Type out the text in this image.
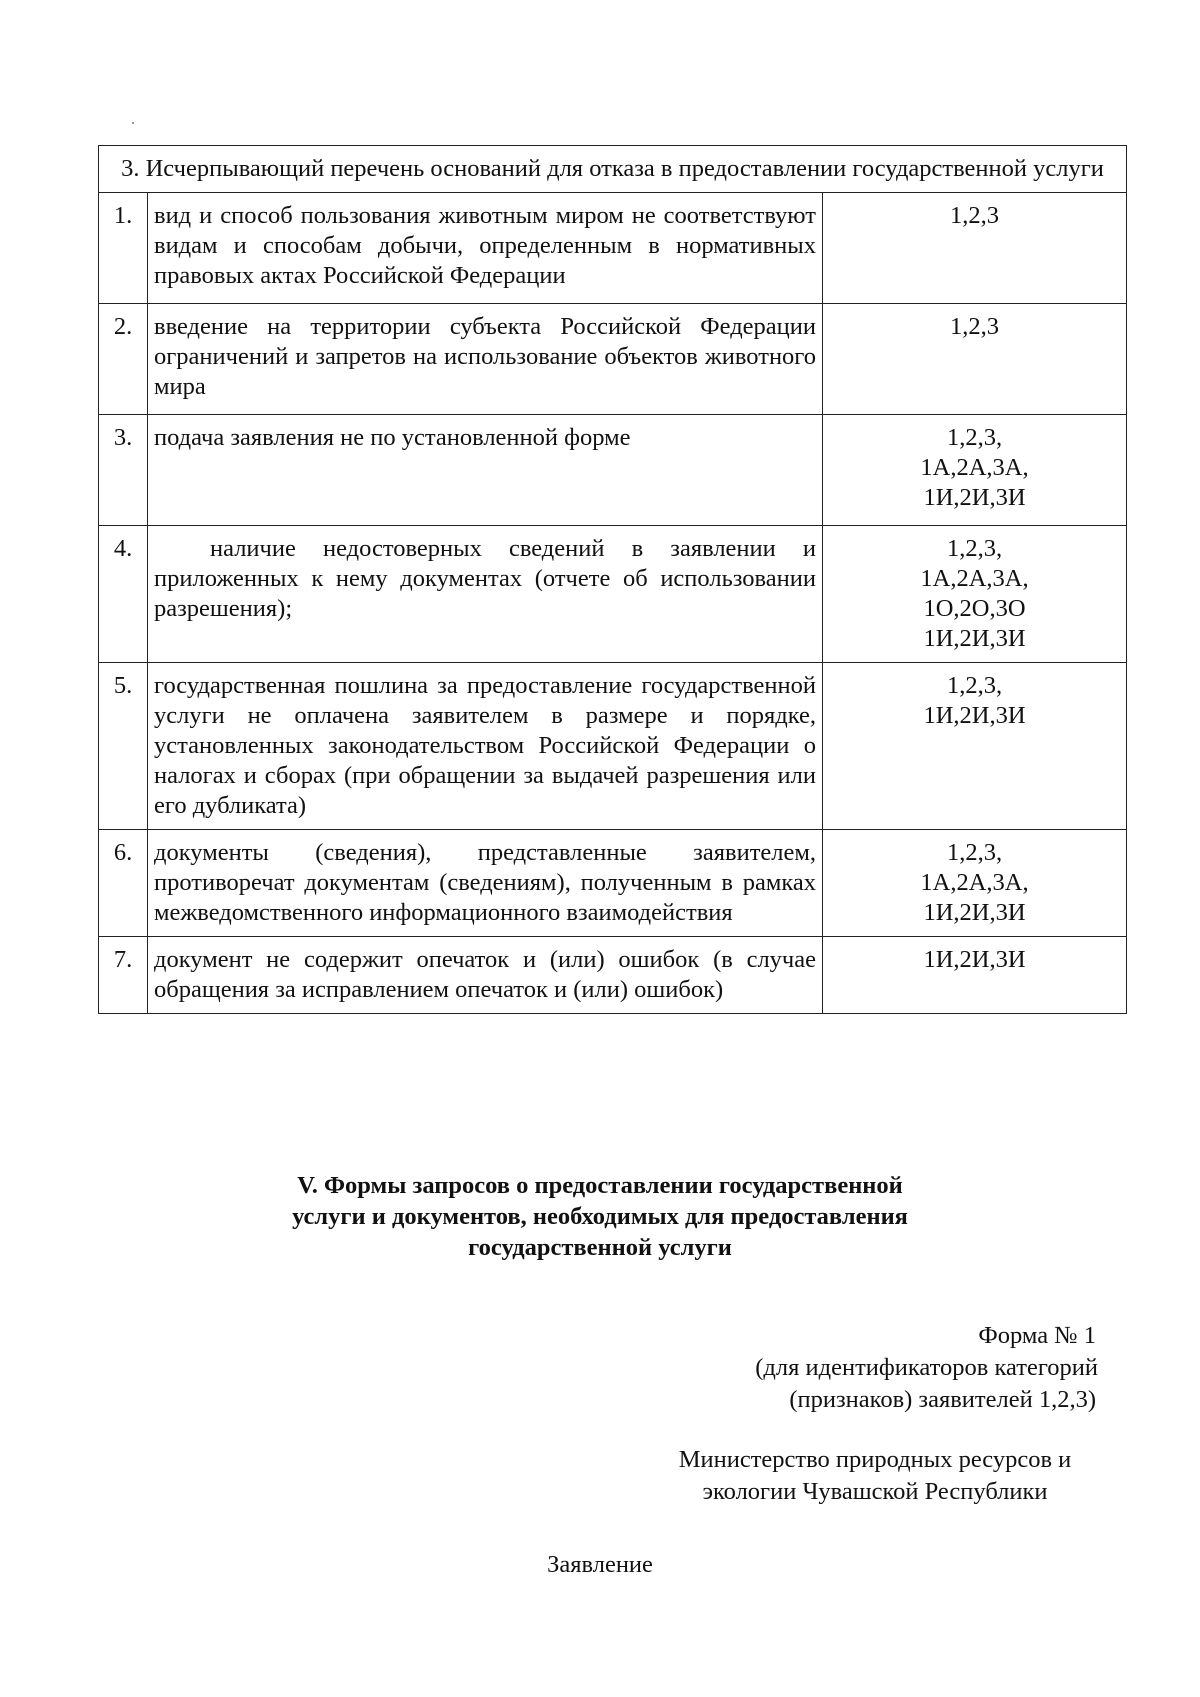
3. Исчерпывающий перечень оснований для отказа в предоставлении государственной услуги		
1.	вид и способ пользования животным миром не соответствуют видам и способам добычи, определенным в нормативных правовых актах Российской Федерации	1,2,3

2.	введение на территории субъекта Российской Федерации ограничений и запретов на использование объектов животного мира	1,2,3

3.	подача заявления не по установленной форме	1,2,3,
1А,2А,3А,
1И,2И,3И

4.	наличие недостоверных сведений в заявлении и приложенных к нему документах (отчете об использовании разрешения);	1,2,3,
1А,2А,3А,
1О,2О,3О
1И,2И,3И

5.	государственная пошлина за предоставление государственной услуги не оплачена заявителем в размере и порядке, установленных законодательством Российской Федерации о налогах и сборах (при обращении за выдачей разрешения или его дубликата)	1,2,3,
1И,2И,3И

6.	документы (сведения), представленные заявителем, противоречат документам (сведениям), полученным в рамках межведомственного информационного взаимодействия	1,2,3,
1А,2А,3А,
1И,2И,3И

7.	документ не содержит опечаток и (или) ошибок (в случае обращения за исправлением опечаток и (или) ошибок)	1И,2И,3И
V. Формы запросов о предоставлении государственной
услуги и документов, необходимых для предоставления
государственной услуги
Форма № 1
(для идентификаторов категорий
(признаков) заявителей 1,2,3)
Министерство природных ресурсов и
экологии Чувашской Республики
Заявление
